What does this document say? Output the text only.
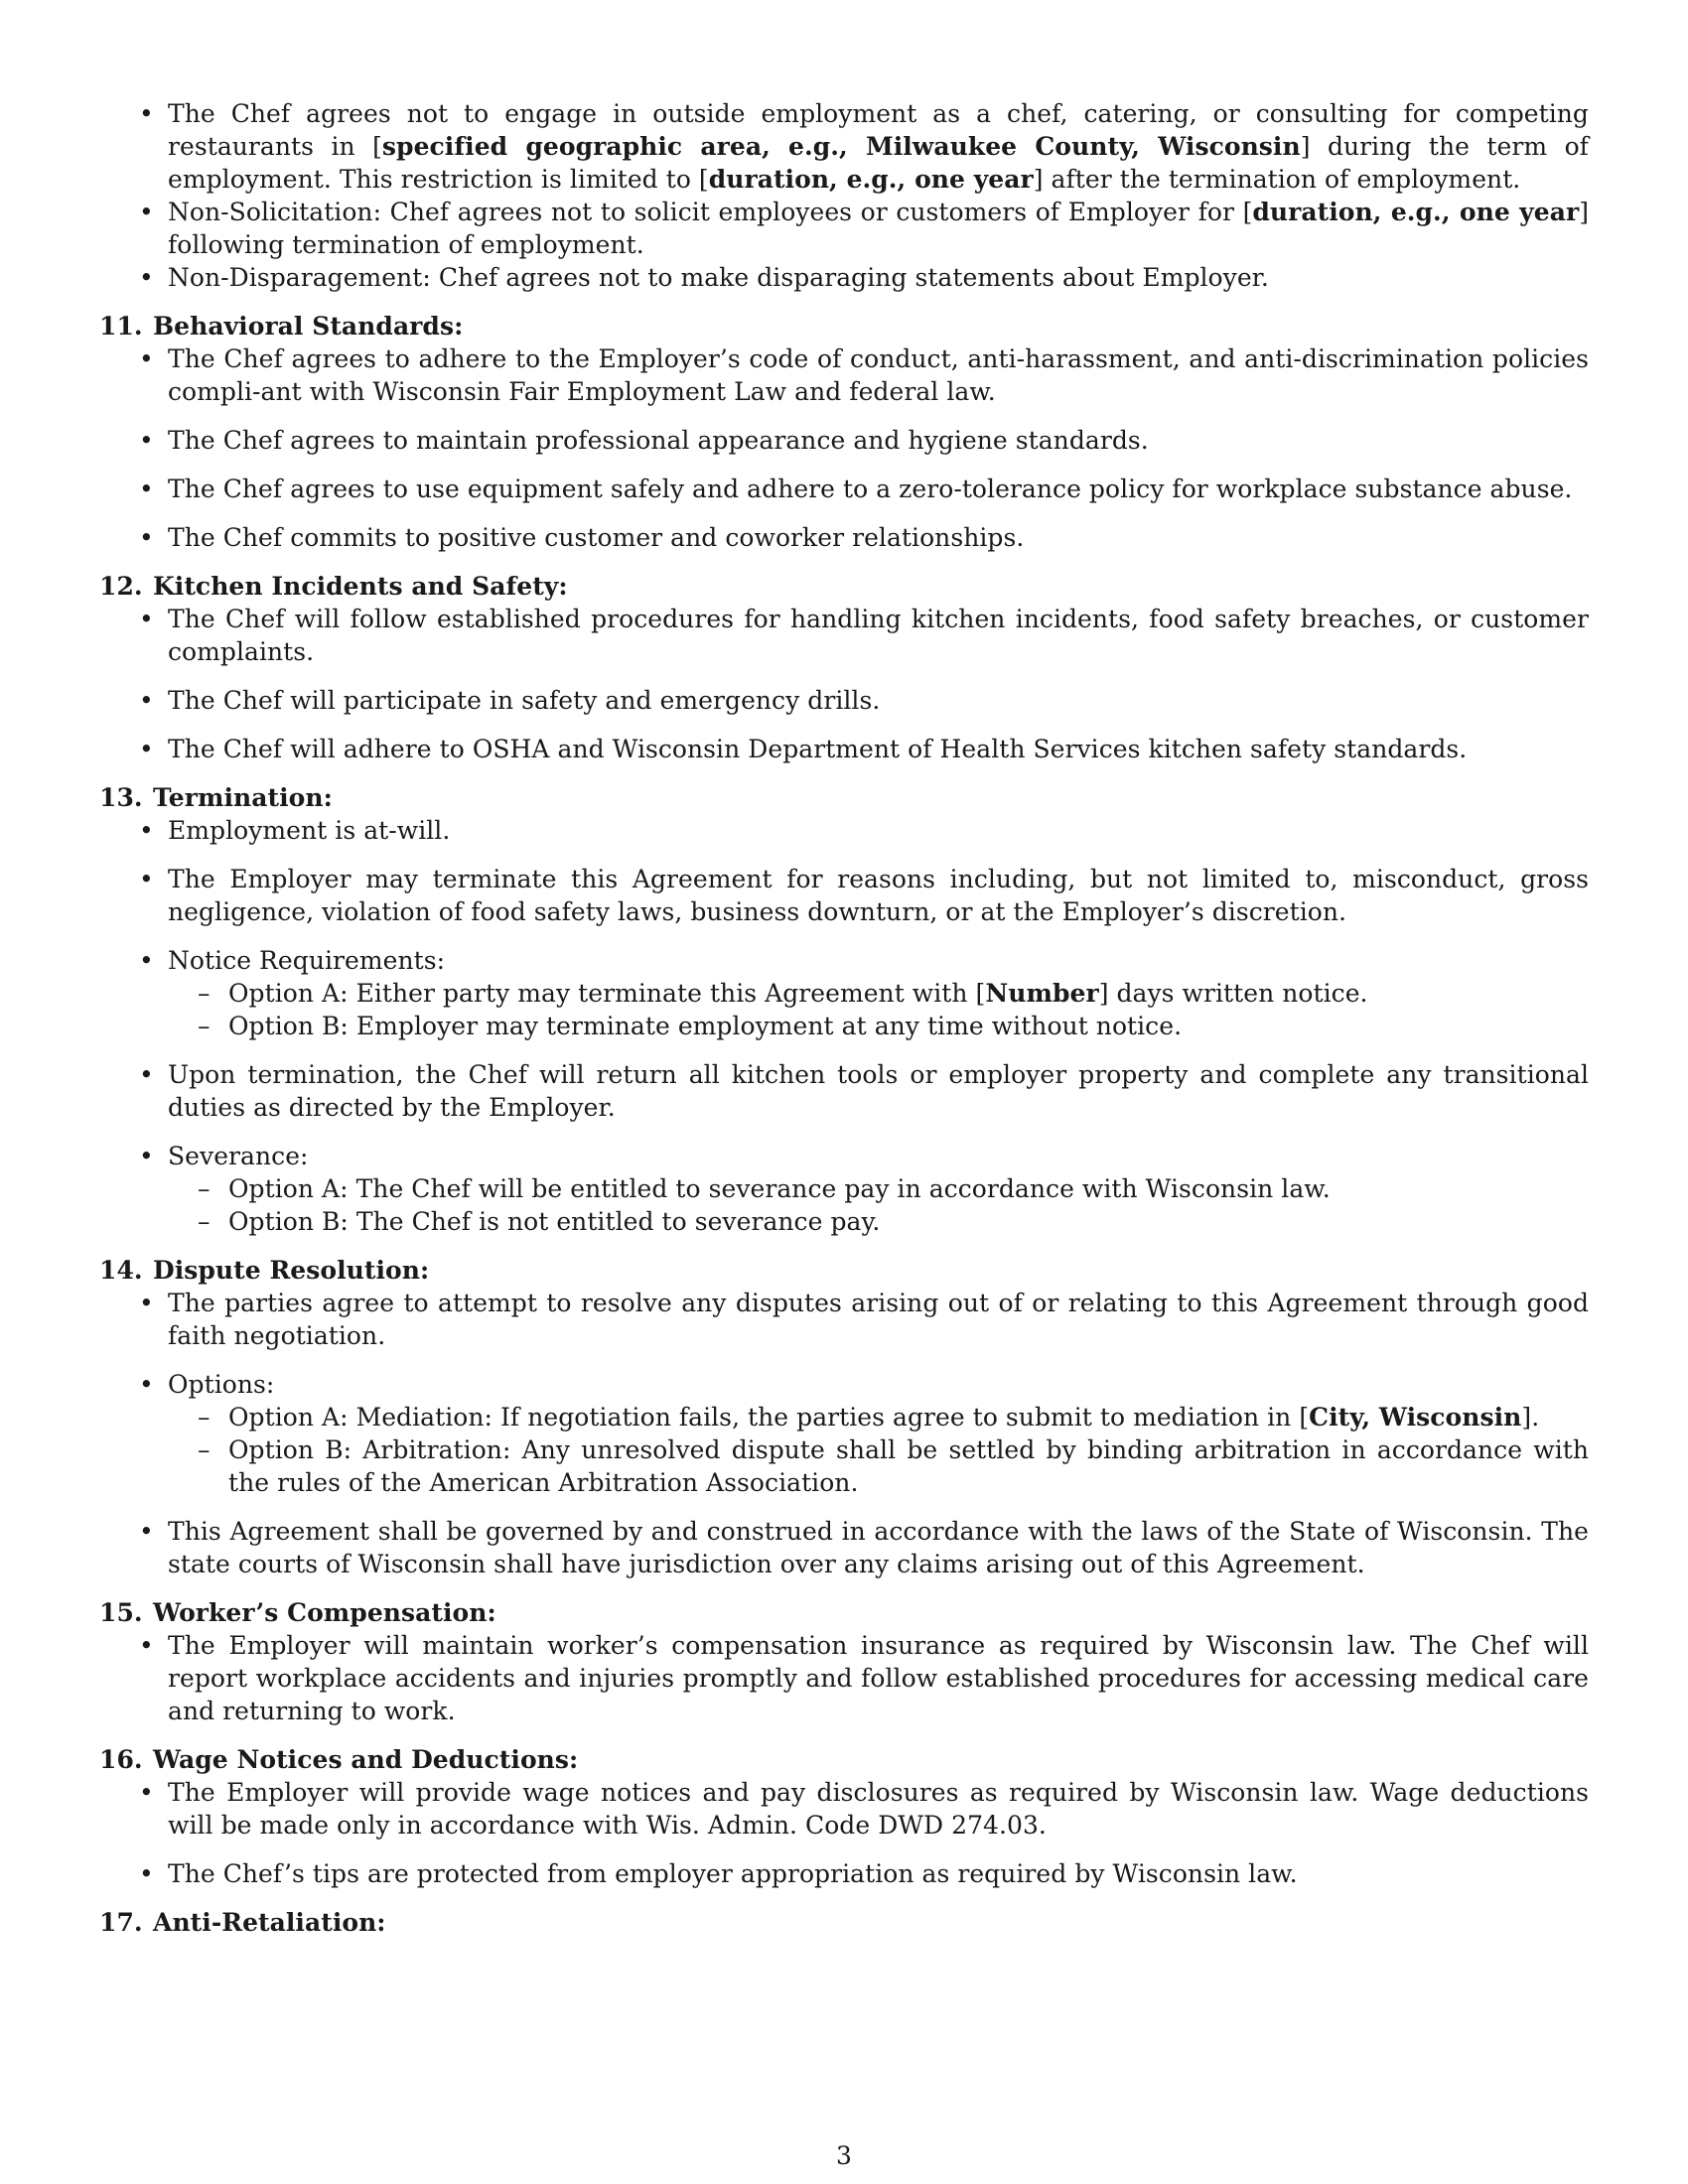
• The Chef agrees not to engage in outside employment as a chef, catering, or consulting for competing restaurants in [specified geographic area, e.g., Milwaukee County, Wisconsin] during the term of employment. This restriction is limited to [duration, e.g., one year] after the termination of employment.
• Non-Solicitation: Chef agrees not to solicit employees or customers of Employer for [duration, e.g., one year] following termination of employment.
• Non-Disparagement: Chef agrees not to make disparaging statements about Employer.

11. Behavioral Standards:

• The Chef agrees to adhere to the Employer’s code of conduct, anti-harassment, and anti-discrimination policies compli-ant with Wisconsin Fair Employment Law and federal law.
• The Chef agrees to maintain professional appearance and hygiene standards.
• The Chef agrees to use equipment safely and adhere to a zero-tolerance policy for workplace substance abuse.
• The Chef commits to positive customer and coworker relationships.

12. Kitchen Incidents and Safety:

• The Chef will follow established procedures for handling kitchen incidents, food safety breaches, or customer complaints.
• The Chef will participate in safety and emergency drills.
• The Chef will adhere to OSHA and Wisconsin Department of Health Services kitchen safety standards.

13. Termination:

• Employment is at-will.
• The Employer may terminate this Agreement for reasons including, but not limited to, misconduct, gross negligence, violation of food safety laws, business downturn, or at the Employer’s discretion.
• Notice Requirements:
– Option A: Either party may terminate this Agreement with [Number] days written notice.
– Option B: Employer may terminate employment at any time without notice.
• Upon termination, the Chef will return all kitchen tools or employer property and complete any transitional duties as directed by the Employer.
• Severance:
– Option A: The Chef will be entitled to severance pay in accordance with Wisconsin law.
– Option B: The Chef is not entitled to severance pay.

14. Dispute Resolution:

• The parties agree to attempt to resolve any disputes arising out of or relating to this Agreement through good faith negotiation.
• Options:
– Option A: Mediation: If negotiation fails, the parties agree to submit to mediation in [City, Wisconsin].
– Option B: Arbitration: Any unresolved dispute shall be settled by binding arbitration in accordance with the rules of the American Arbitration Association.
• This Agreement shall be governed by and construed in accordance with the laws of the State of Wisconsin. The state courts of Wisconsin shall have jurisdiction over any claims arising out of this Agreement.

15. Worker’s Compensation:

• The Employer will maintain worker’s compensation insurance as required by Wisconsin law. The Chef will report workplace accidents and injuries promptly and follow established procedures for accessing medical care and returning to work.

16. Wage Notices and Deductions:

• The Employer will provide wage notices and pay disclosures as required by Wisconsin law. Wage deductions will be made only in accordance with Wis. Admin. Code DWD 274.03.
• The Chef’s tips are protected from employer appropriation as required by Wisconsin law.

17. Anti-Retaliation:

3
